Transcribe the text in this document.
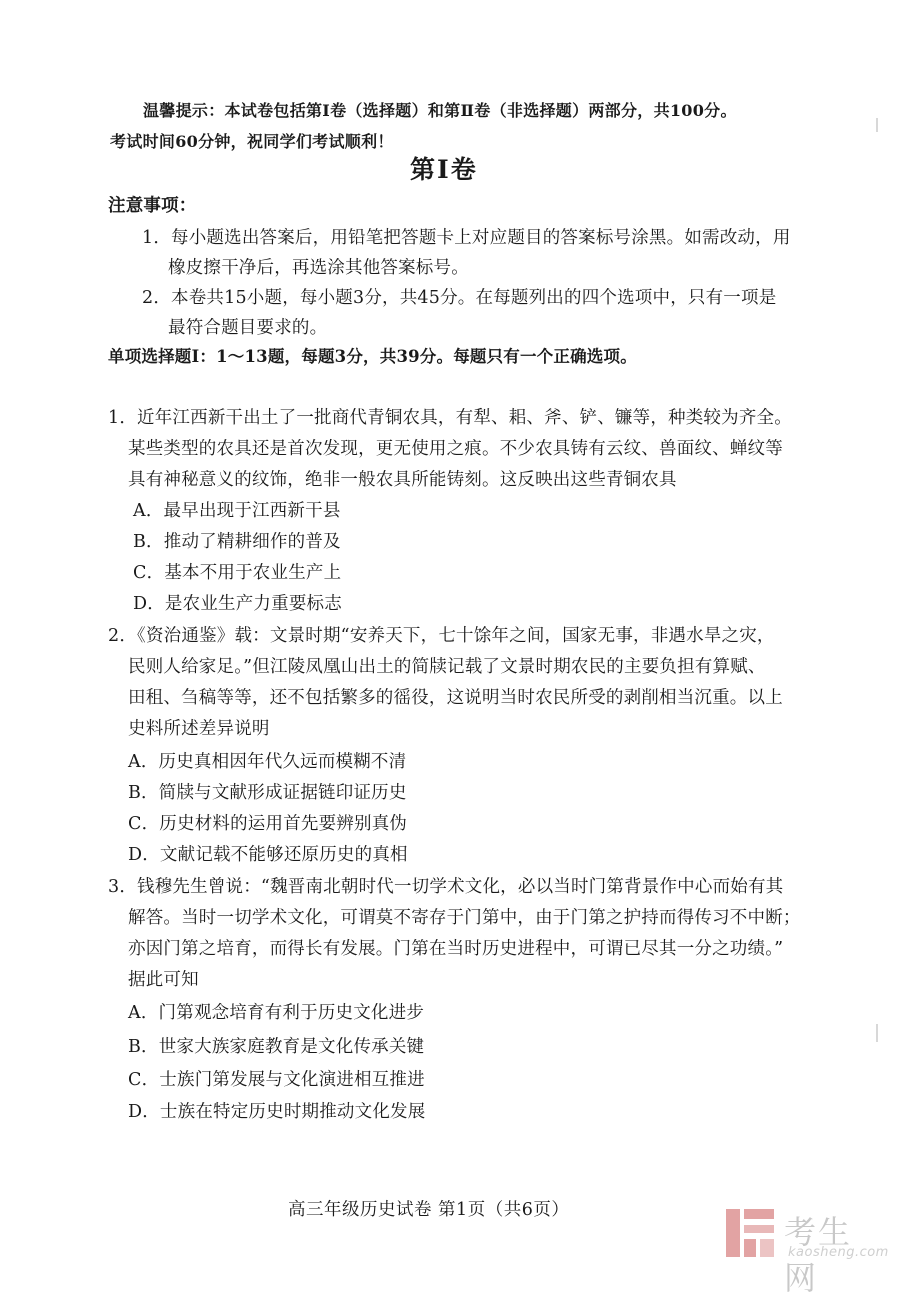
温馨提示：本试卷包括第Ⅰ卷（选择题）和第Ⅱ卷（非选择题）两部分，共100分。
考试时间60分钟，祝同学们考试顺利！
第Ⅰ卷
注意事项：
1．每小题选出答案后，用铅笔把答题卡上对应题目的答案标号涂黑。如需改动，用
橡皮擦干净后，再选涂其他答案标号。
2．本卷共15小题，每小题3分，共45分。在每题列出的四个选项中，只有一项是
最符合题目要求的。
单项选择题Ⅰ：1～13题，每题3分，共39分。每题只有一个正确选项。
1．近年江西新干出土了一批商代青铜农具，有犁、耜、斧、铲、镰等，种类较为齐全。
某些类型的农具还是首次发现，更无使用之痕。不少农具铸有云纹、兽面纹、蝉纹等
具有神秘意义的纹饰，绝非一般农具所能铸刻。这反映出这些青铜农具
A．最早出现于江西新干县
B．推动了精耕细作的普及
C．基本不用于农业生产上
D．是农业生产力重要标志
2．《资治通鉴》载：文景时期“安养天下，七十馀年之间，国家无事，非遇水旱之灾，
民则人给家足。”但江陵凤凰山出土的简牍记载了文景时期农民的主要负担有算赋、
田租、刍稿等等，还不包括繁多的徭役，这说明当时农民所受的剥削相当沉重。以上
史料所述差异说明
A．历史真相因年代久远而模糊不清
B．简牍与文献形成证据链印证历史
C．历史材料的运用首先要辨别真伪
D．文献记载不能够还原历史的真相
3．钱穆先生曾说：“魏晋南北朝时代一切学术文化，必以当时门第背景作中心而始有其
解答。当时一切学术文化，可谓莫不寄存于门第中，由于门第之护持而得传习不中断；
亦因门第之培育，而得长有发展。门第在当时历史进程中，可谓已尽其一分之功绩。”
据此可知
A．门第观念培育有利于历史文化进步
B．世家大族家庭教育是文化传承关键
C．士族门第发展与文化演进相互推进
D．士族在特定历史时期推动文化发展
高三年级历史试卷 第1页（共6页）
考生网
kaosheng.com
